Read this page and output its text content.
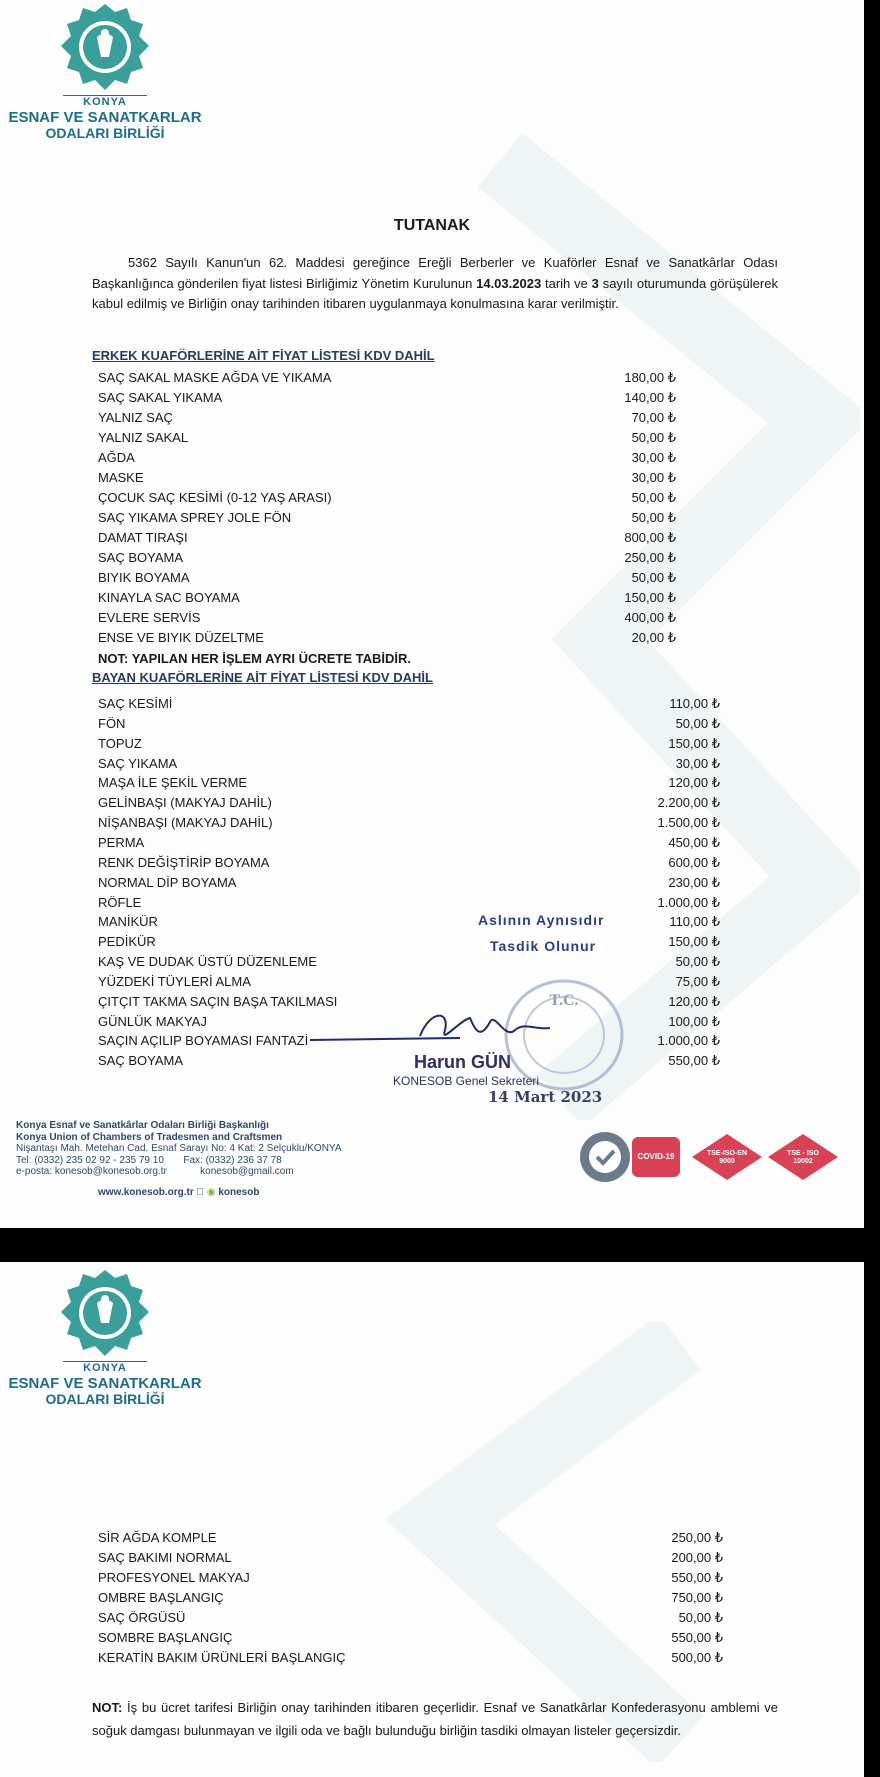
KONYA
ESNAF VE SANATKARLAR
ODALARI BİRLİĞİ
TUTANAK

5362 Sayılı Kanun'un 62. Maddesi gereğince Ereğli Berberler ve Kuaförler Esnaf ve Sanatkârlar Odası Başkanlığınca gönderilen fiyat listesi Birliğimiz Yönetim Kurulunun 14.03.2023 tarih ve 3 sayılı oturumunda görüşülerek kabul edilmiş ve Birliğin onay tarihinden itibaren uygulanmaya konulmasına karar verilmiştir.

ERKEK KUAFÖRLERİNE AİT FİYAT LİSTESİ KDV DAHİL
SAÇ SAKAL MASKE AĞDA VE YIKAMA	180,00 ₺
SAÇ SAKAL YIKAMA	140,00 ₺
YALNIZ SAÇ	70,00 ₺
YALNIZ SAKAL	50,00 ₺
AĞDA	30,00 ₺
MASKE	30,00 ₺
ÇOCUK SAÇ KESİMİ (0-12 YAŞ ARASI)	50,00 ₺
SAÇ YIKAMA SPREY JOLE FÖN	50,00 ₺
DAMAT TIRAŞI	800,00 ₺
SAÇ BOYAMA	250,00 ₺
BIYIK BOYAMA	50,00 ₺
KINAYLA SAC BOYAMA	150,00 ₺
EVLERE SERVİS	400,00 ₺
ENSE VE BIYIK DÜZELTME	20,00 ₺
NOT: YAPILAN HER İŞLEM AYRI ÜCRETE TABİDİR.
BAYAN KUAFÖRLERİNE AİT FİYAT LİSTESİ KDV DAHİL
SAÇ KESİMİ	110,00 ₺
FÖN	50,00 ₺
TOPUZ	150,00 ₺
SAÇ YIKAMA	30,00 ₺
MAŞA İLE ŞEKİL VERME	120,00 ₺
GELİNBAŞI (MAKYAJ DAHİL)	2.200,00 ₺
NİŞANBAŞI (MAKYAJ DAHİL)	1.500,00 ₺
PERMA	450,00 ₺
RENK DEĞİŞTİRİP BOYAMA	600,00 ₺
NORMAL DİP BOYAMA	230,00 ₺
RÖFLE	1.000,00 ₺
MANİKÜR	110,00 ₺
PEDİKÜR	150,00 ₺
KAŞ VE DUDAK ÜSTÜ DÜZENLEME	50,00 ₺
YÜZDEKİ TÜYLERİ ALMA	75,00 ₺
ÇITÇIT TAKMA SAÇIN BAŞA TAKILMASI	120,00 ₺
GÜNLÜK MAKYAJ	100,00 ₺
SAÇIN AÇILIP BOYAMASI FANTAZİ	1.000,00 ₺
SAÇ BOYAMA	550,00 ₺
Aslının Aynısıdır
Tasdik Olunur
T.C.
Harun GÜN
KONESOB Genel Sekreteri
14 Mart 2023
Konya Esnaf ve Sanatkârlar Odaları Birliği Başkanlığı
Konya Union of Chambers of Tradesmen and Craftsmen
Nişantaşı Mah. Metehan Cad. Esnaf Sarayı No: 4 Kat: 2 Selçuklu/KONYA
Tel: (0332) 235 02 92 - 235 79 10 Fax: (0332) 236 37 78
e-posta: konesob@konesob.org.tr	konesob@gmail.com
www.konesob.org.tr ◉ konesob
COVID-19	TSE-ISO-EN 9000
TSE - ISO 10002
KONYA
ESNAF VE SANATKARLAR
ODALARI BİRLİĞİ
SİR AĞDA KOMPLE	250,00 ₺
SAÇ BAKIMI NORMAL	200,00 ₺
PROFESYONEL MAKYAJ	550,00 ₺
OMBRE BAŞLANGIÇ	750,00 ₺
SAÇ ÖRGÜSÜ	50,00 ₺
SOMBRE BAŞLANGIÇ	550,00 ₺
KERATİN BAKIM ÜRÜNLERİ BAŞLANGIÇ	500,00 ₺
NOT: İş bu ücret tarifesi Birliğin onay tarihinden itibaren geçerlidir. Esnaf ve Sanatkârlar Konfederasyonu amblemi ve soğuk damgası bulunmayan ve ilgili oda ve bağlı bulunduğu birliğin tasdiki olmayan listeler geçersizdir.
